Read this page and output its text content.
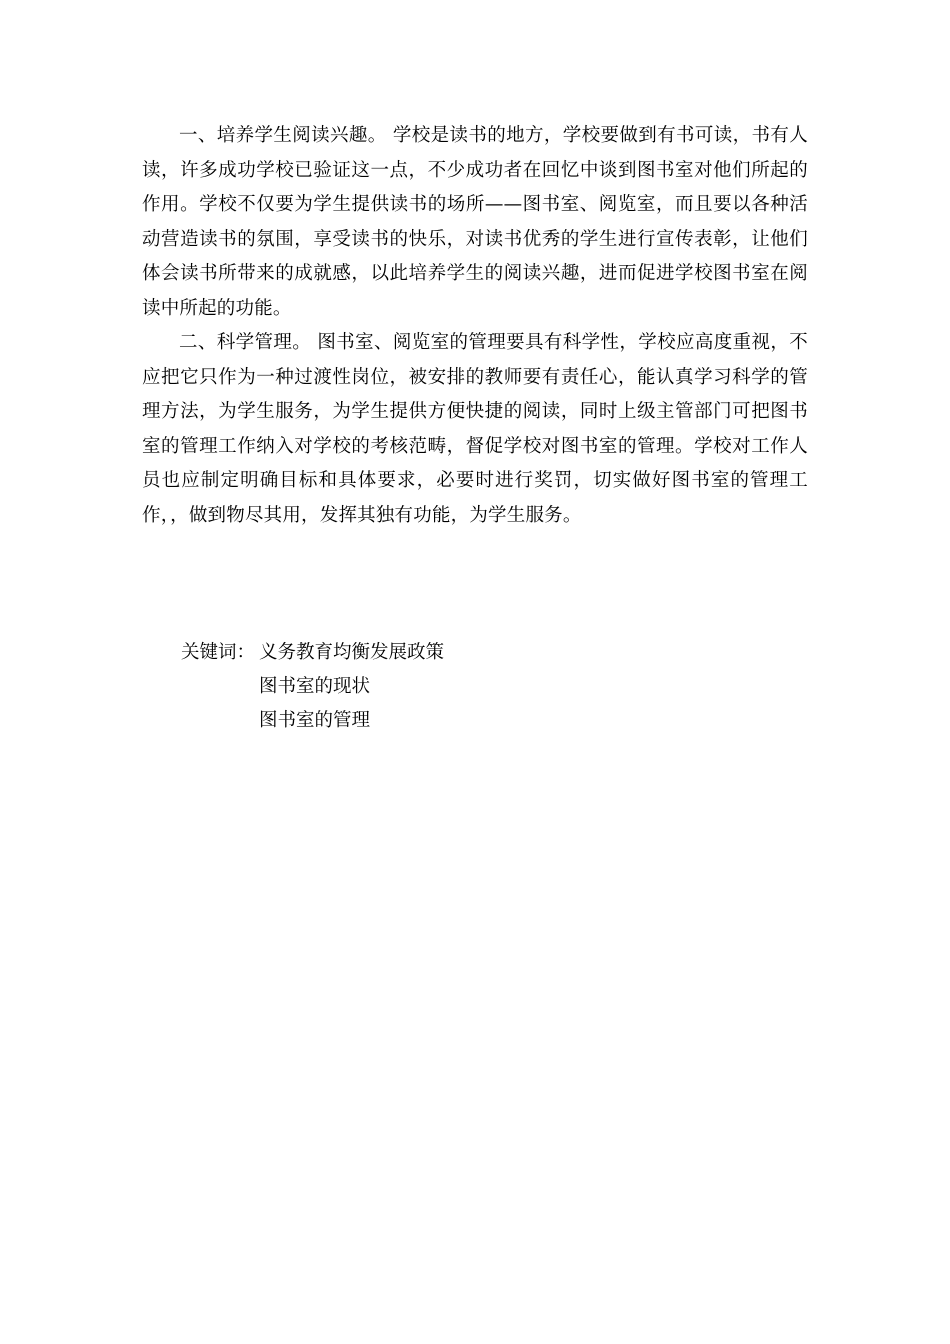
一、培养学生阅读兴趣。 学校是读书的地方，学校要做到有书可读，书有人读，许多成功学校已验证这一点，不少成功者在回忆中谈到图书室对他们所起的作用。学校不仅要为学生提供读书的场所——图书室、阅览室，而且要以各种活动营造读书的氛围，享受读书的快乐，对读书优秀的学生进行宣传表彰，让他们体会读书所带来的成就感，以此培养学生的阅读兴趣，进而促进学校图书室在阅读中所起的功能。

二、科学管理。 图书室、阅览室的管理要具有科学性，学校应高度重视，不应把它只作为一种过渡性岗位，被安排的教师要有责任心，能认真学习科学的管理方法，为学生服务，为学生提供方便快捷的阅读，同时上级主管部门可把图书室的管理工作纳入对学校的考核范畴，督促学校对图书室的管理。学校对工作人员也应制定明确目标和具体要求，必要时进行奖罚，切实做好图书室的管理工作，，做到物尽其用，发挥其独有功能，为学生服务。

关键词： 义务教育均衡发展政策
图书室的现状
图书室的管理
